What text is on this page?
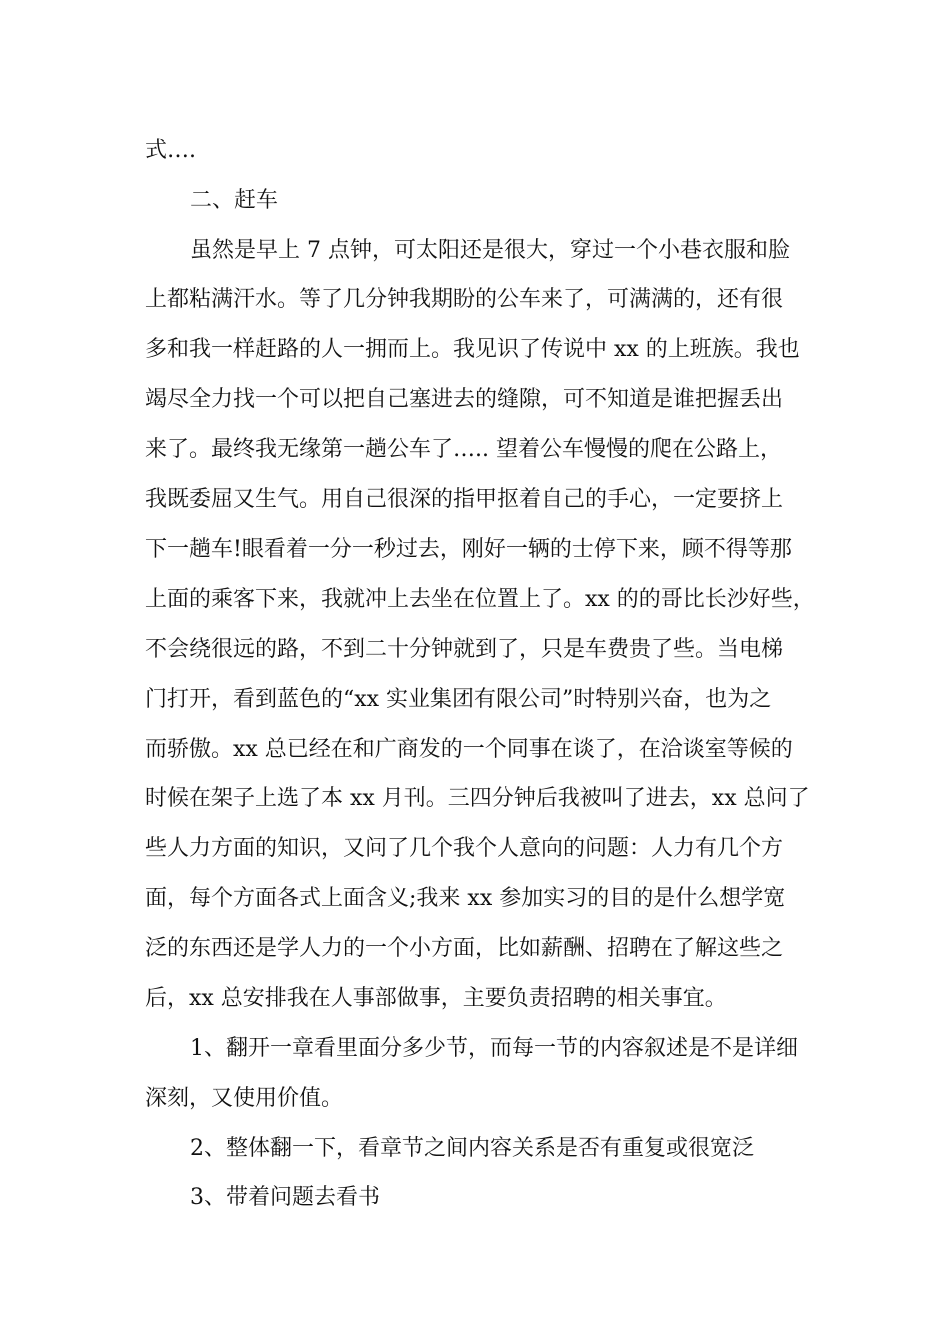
式….
二、赶车
虽然是早上 7 点钟，可太阳还是很大，穿过一个小巷衣服和脸
上都粘满汗水。等了几分钟我期盼的公车来了，可满满的，还有很
多和我一样赶路的人一拥而上。我见识了传说中 xx 的上班族。我也
竭尽全力找一个可以把自己塞进去的缝隙，可不知道是谁把握丢出
来了。最终我无缘第一趟公车了….. 望着公车慢慢的爬在公路上，
我既委屈又生气。用自己很深的指甲抠着自己的手心，一定要挤上
下一趟车!眼看着一分一秒过去，刚好一辆的士停下来，顾不得等那
上面的乘客下来，我就冲上去坐在位置上了。xx 的的哥比长沙好些，
不会绕很远的路，不到二十分钟就到了，只是车费贵了些。当电梯
门打开，看到蓝色的“xx 实业集团有限公司”时特别兴奋，也为之
而骄傲。xx 总已经在和广商发的一个同事在谈了，在洽谈室等候的
时候在架子上选了本 xx 月刊。三四分钟后我被叫了进去，xx 总问了
些人力方面的知识，又问了几个我个人意向的问题：人力有几个方
面，每个方面各式上面含义;我来 xx 参加实习的目的是什么想学宽
泛的东西还是学人力的一个小方面，比如薪酬、招聘在了解这些之
后，xx 总安排我在人事部做事，主要负责招聘的相关事宜。
1、翻开一章看里面分多少节，而每一节的内容叙述是不是详细
深刻，又使用价值。
2、整体翻一下，看章节之间内容关系是否有重复或很宽泛
3、带着问题去看书
